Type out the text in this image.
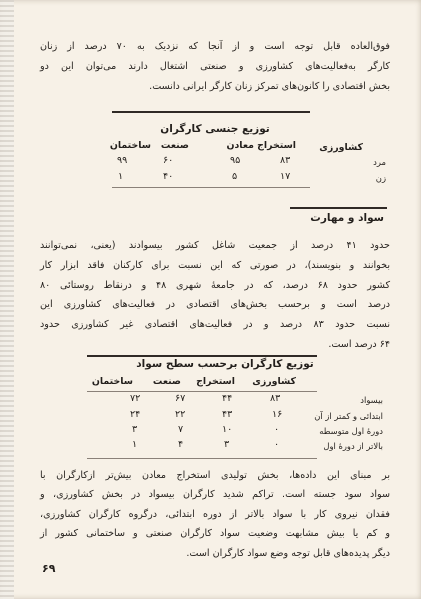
فوق‌العاده قابل توجه است و از آنجا که نزدیک به ۷۰ درصد از زنان
کارگر به‌فعالیت‌های کشاورزی و صنعتی اشتغال دارند می‌توان این دو
بخش اقتصادی را کانون‌های تمرکز زنان کارگر ایرانی دانست.
توزیع جنسی کارگران
کشاورزی
استخراج معادن
صنعت
ساختمان
مرد
۸۳
۹۵
۶۰
۹۹
زن
۱۷
۵
۴۰
۱
سواد و مهارت
حدود ۴۱ درصد از جمعیت شاغل کشور بیسوادند (یعنی، نمی‌توانند
بخوانند و بنویسند)، در صورتی که این نسبت برای کارکنان فاقد ابزار کار
کشور حدود ۶۸ درصد، که در جامعهٔ شهری ۴۸ و درنقاط روستائی ۸۰
درصد است و برحسب بخش‌های اقتصادی در فعالیت‌های کشاورزی این
نسبت حدود ۸۳ درصد و در فعالیت‌های اقتصادی غیر کشاورزی حدود
۶۴ درصد است.
توزیع کارگران برحسب سطح سواد
کشاورزی
استخراج
صنعت
ساختمان
بیسواد
۸۳
۴۴
۶۷
۷۲
ابتدائی و کمتر از آن
۱۶
۴۳
۲۲
۲۴
دورهٔ اول متوسطه
۰
۱۰
۷
۳
بالاتر از دورهٔ اول
۰
۳
۴
۱
بر مبنای این داده‌ها، بخش تولیدی استخراج معادن بیش‌تر ازکارگران با
سواد سود جسته است. تراکم شدید کارگران بیسواد در بخش کشاورزی، و
فقدان نیروی کار با سواد بالاتر از دوره ابتدائی، درگروه کارگران کشاورزی،
و کم یا بیش مشابهت وضعیت سواد کارگران صنعتی و ساختمانی کشور از
دیگر پدیده‌های قابل توجه وضع سواد کارگران است.
۶۹
